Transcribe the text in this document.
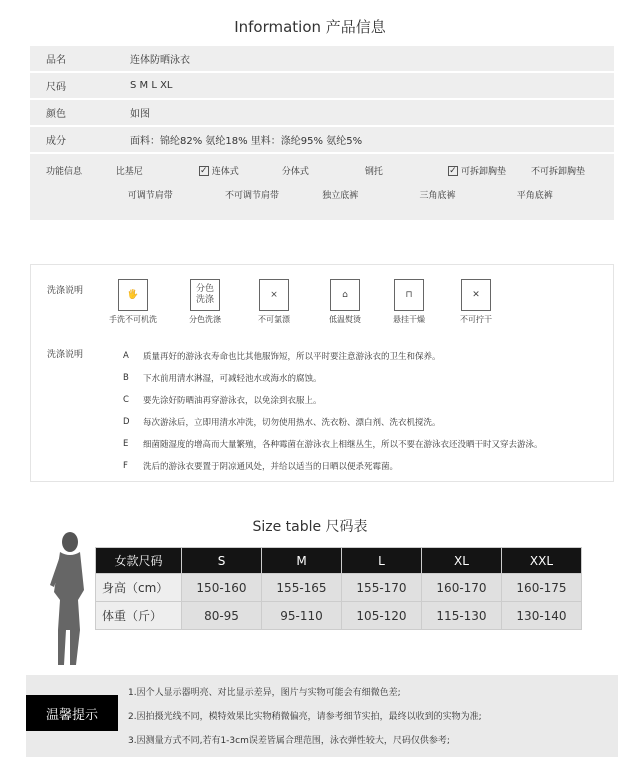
Information 产品信息
品名	连体防晒泳衣
尺码	S M L XL
颜色	如图
成分	面料：锦纶82% 氨纶18% 里料：涤纶95% 氨纶5%
功能信息	比基尼	✓ 连体式	分体式	钢托	✓ 可拆卸胸垫	不可拆卸胸垫
可调节肩带	不可调节肩带	独立底裤	三角底裤	平角底裤
洗涤说明	🖐
手洗不可机洗
分色
洗涤
分色洗涤
⨯
不可氯漂
⌂
低温熨烫
⊓
悬挂干燥
✕
不可拧干
洗涤说明	A	质量再好的游泳衣寿命也比其他服饰短，所以平时要注意游泳衣的卫生和保养。
B	下水前用清水淋湿，可减轻池水或海水的腐蚀。
C	要先涂好防晒油再穿游泳衣，以免涂到衣服上。
D	每次游泳后，立即用清水冲洗，切勿使用热水、洗衣粉、漂白剂、洗衣机搅洗。
E	细菌随湿度的增高而大量繁殖，各种霉菌在游泳衣上相继丛生，所以不要在游泳衣还没晒干时又穿去游泳。
F	洗后的游泳衣要置于阴凉通风处，并给以适当的日晒以便杀死霉菌。
Size table 尺码表
女款尺码	S	M	L	XL	XXL
身高（cm）	150-160	155-165	155-170	160-170	160-175
体重（斤）	80-95	95-110	105-120	115-130	130-140
温馨提示
1.因个人显示器明亮、对比显示差异，图片与实物可能会有细微色差;
2.因拍摄光线不同，模特效果比实物稍微偏亮，请参考细节实拍，最终以收到的实物为准;
3.因测量方式不同,若有1-3cm误差皆属合理范围，泳衣弹性较大，尺码仅供参考;
